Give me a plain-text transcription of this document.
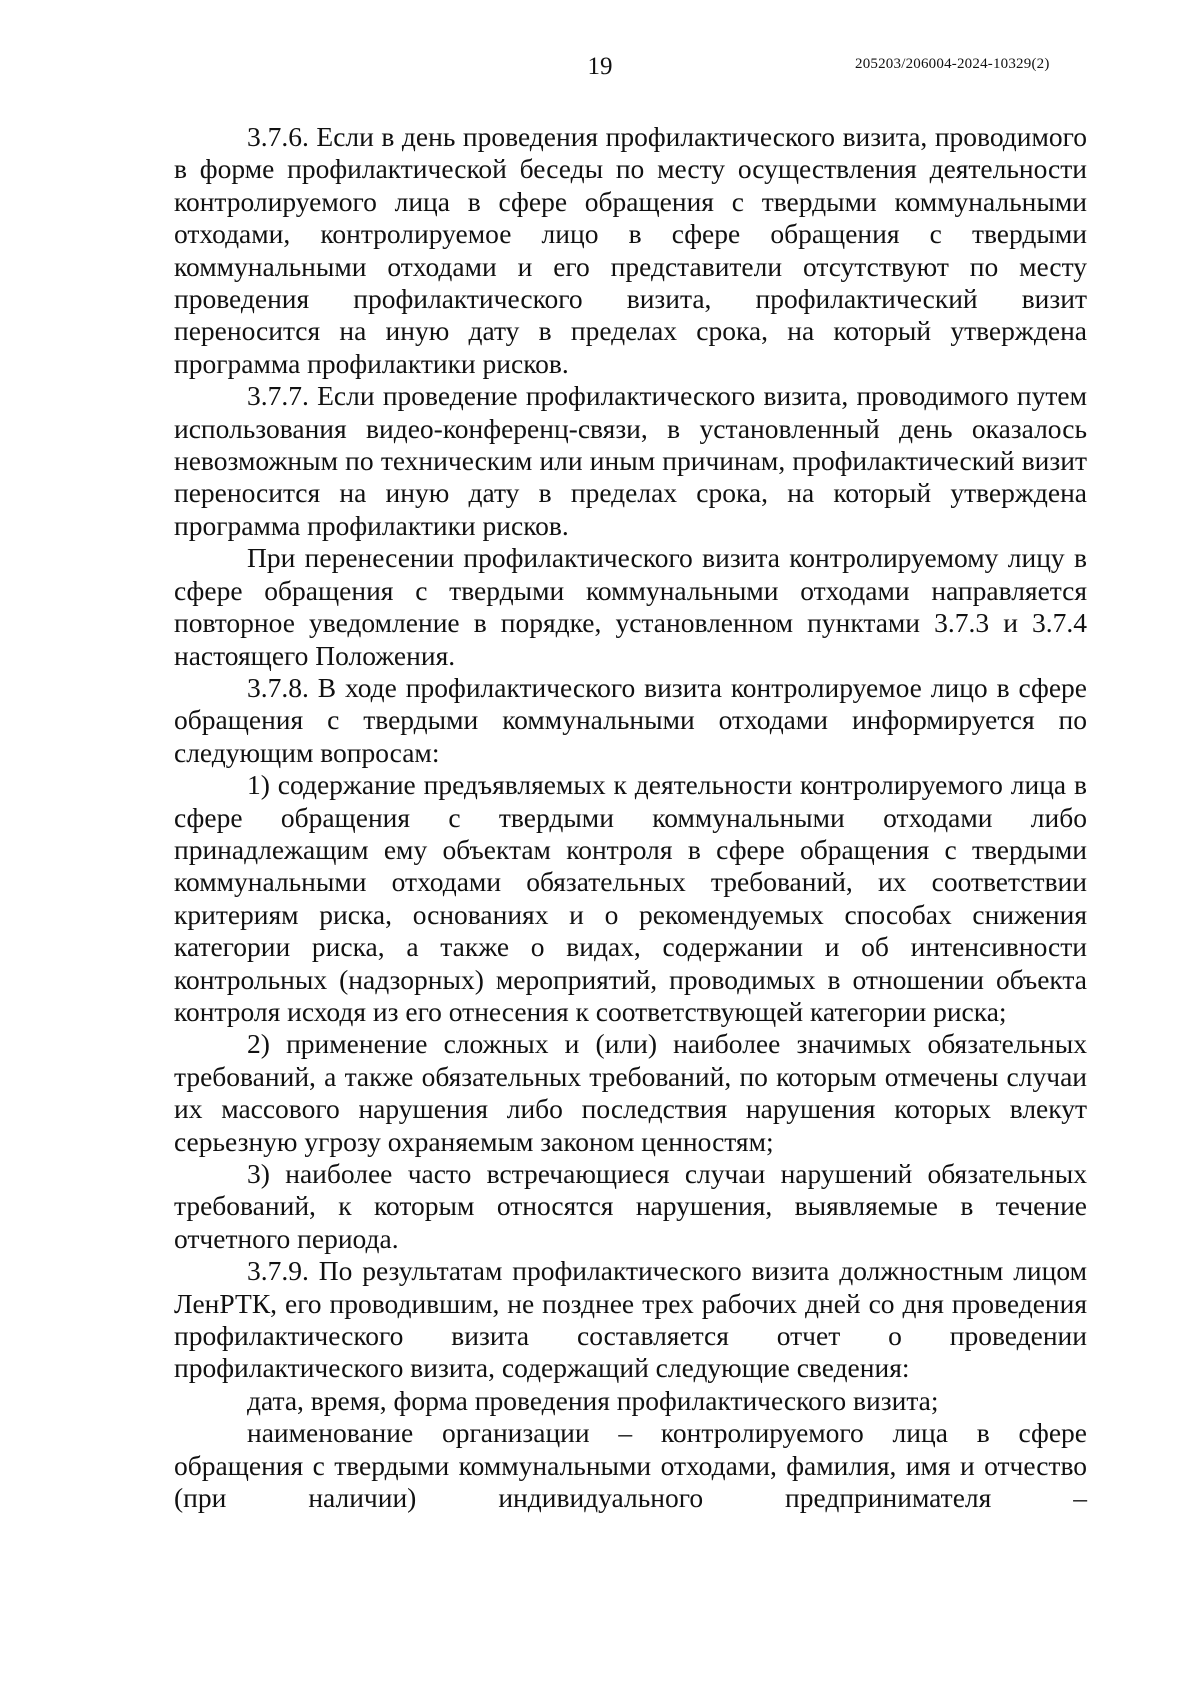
19	205203/206004-2024-10329(2)

3.7.6. Если в день проведения профилактического визита, проводимого в форме профилактической беседы по месту осуществления деятельности контролируемого лица в сфере обращения с твердыми коммунальными отходами, контролируемое лицо в сфере обращения с твердыми коммунальными отходами и его представители отсутствуют по месту проведения профилактического визита, профилактический визит переносится на иную дату в пределах срока, на который утверждена программа профилактики рисков.

3.7.7. Если проведение профилактического визита, проводимого путем использования видео-конференц-связи, в установленный день оказалось невозможным по техническим или иным причинам, профилактический визит переносится на иную дату в пределах срока, на который утверждена программа профилактики рисков.

При перенесении профилактического визита контролируемому лицу в сфере обращения с твердыми коммунальными отходами направляется повторное уведомление в порядке, установленном пунктами 3.7.3 и 3.7.4 настоящего Положения.

3.7.8. В ходе профилактического визита контролируемое лицо в сфере обращения с твердыми коммунальными отходами информируется по следующим вопросам:

1) содержание предъявляемых к деятельности контролируемого лица в сфере обращения с твердыми коммунальными отходами либо принадлежащим ему объектам контроля в сфере обращения с твердыми коммунальными отходами обязательных требований, их соответствии критериям риска, основаниях и о рекомендуемых способах снижения категории риска, а также о видах, содержании и об интенсивности контрольных (надзорных) мероприятий, проводимых в отношении объекта контроля исходя из его отнесения к соответствующей категории риска;

2) применение сложных и (или) наиболее значимых обязательных требований, а также обязательных требований, по которым отмечены случаи их массового нарушения либо последствия нарушения которых влекут серьезную угрозу охраняемым законом ценностям;

3) наиболее часто встречающиеся случаи нарушений обязательных требований, к которым относятся нарушения, выявляемые в течение отчетного периода.

3.7.9. По результатам профилактического визита должностным лицом ЛенРТК, его проводившим, не позднее трех рабочих дней со дня проведения профилактического визита составляется отчет о проведении профилактического визита, содержащий следующие сведения:

дата, время, форма проведения профилактического визита;

наименование организации – контролируемого лица в сфере обращения с твердыми коммунальными отходами, фамилия, имя и отчество (при наличии) индивидуального предпринимателя –
